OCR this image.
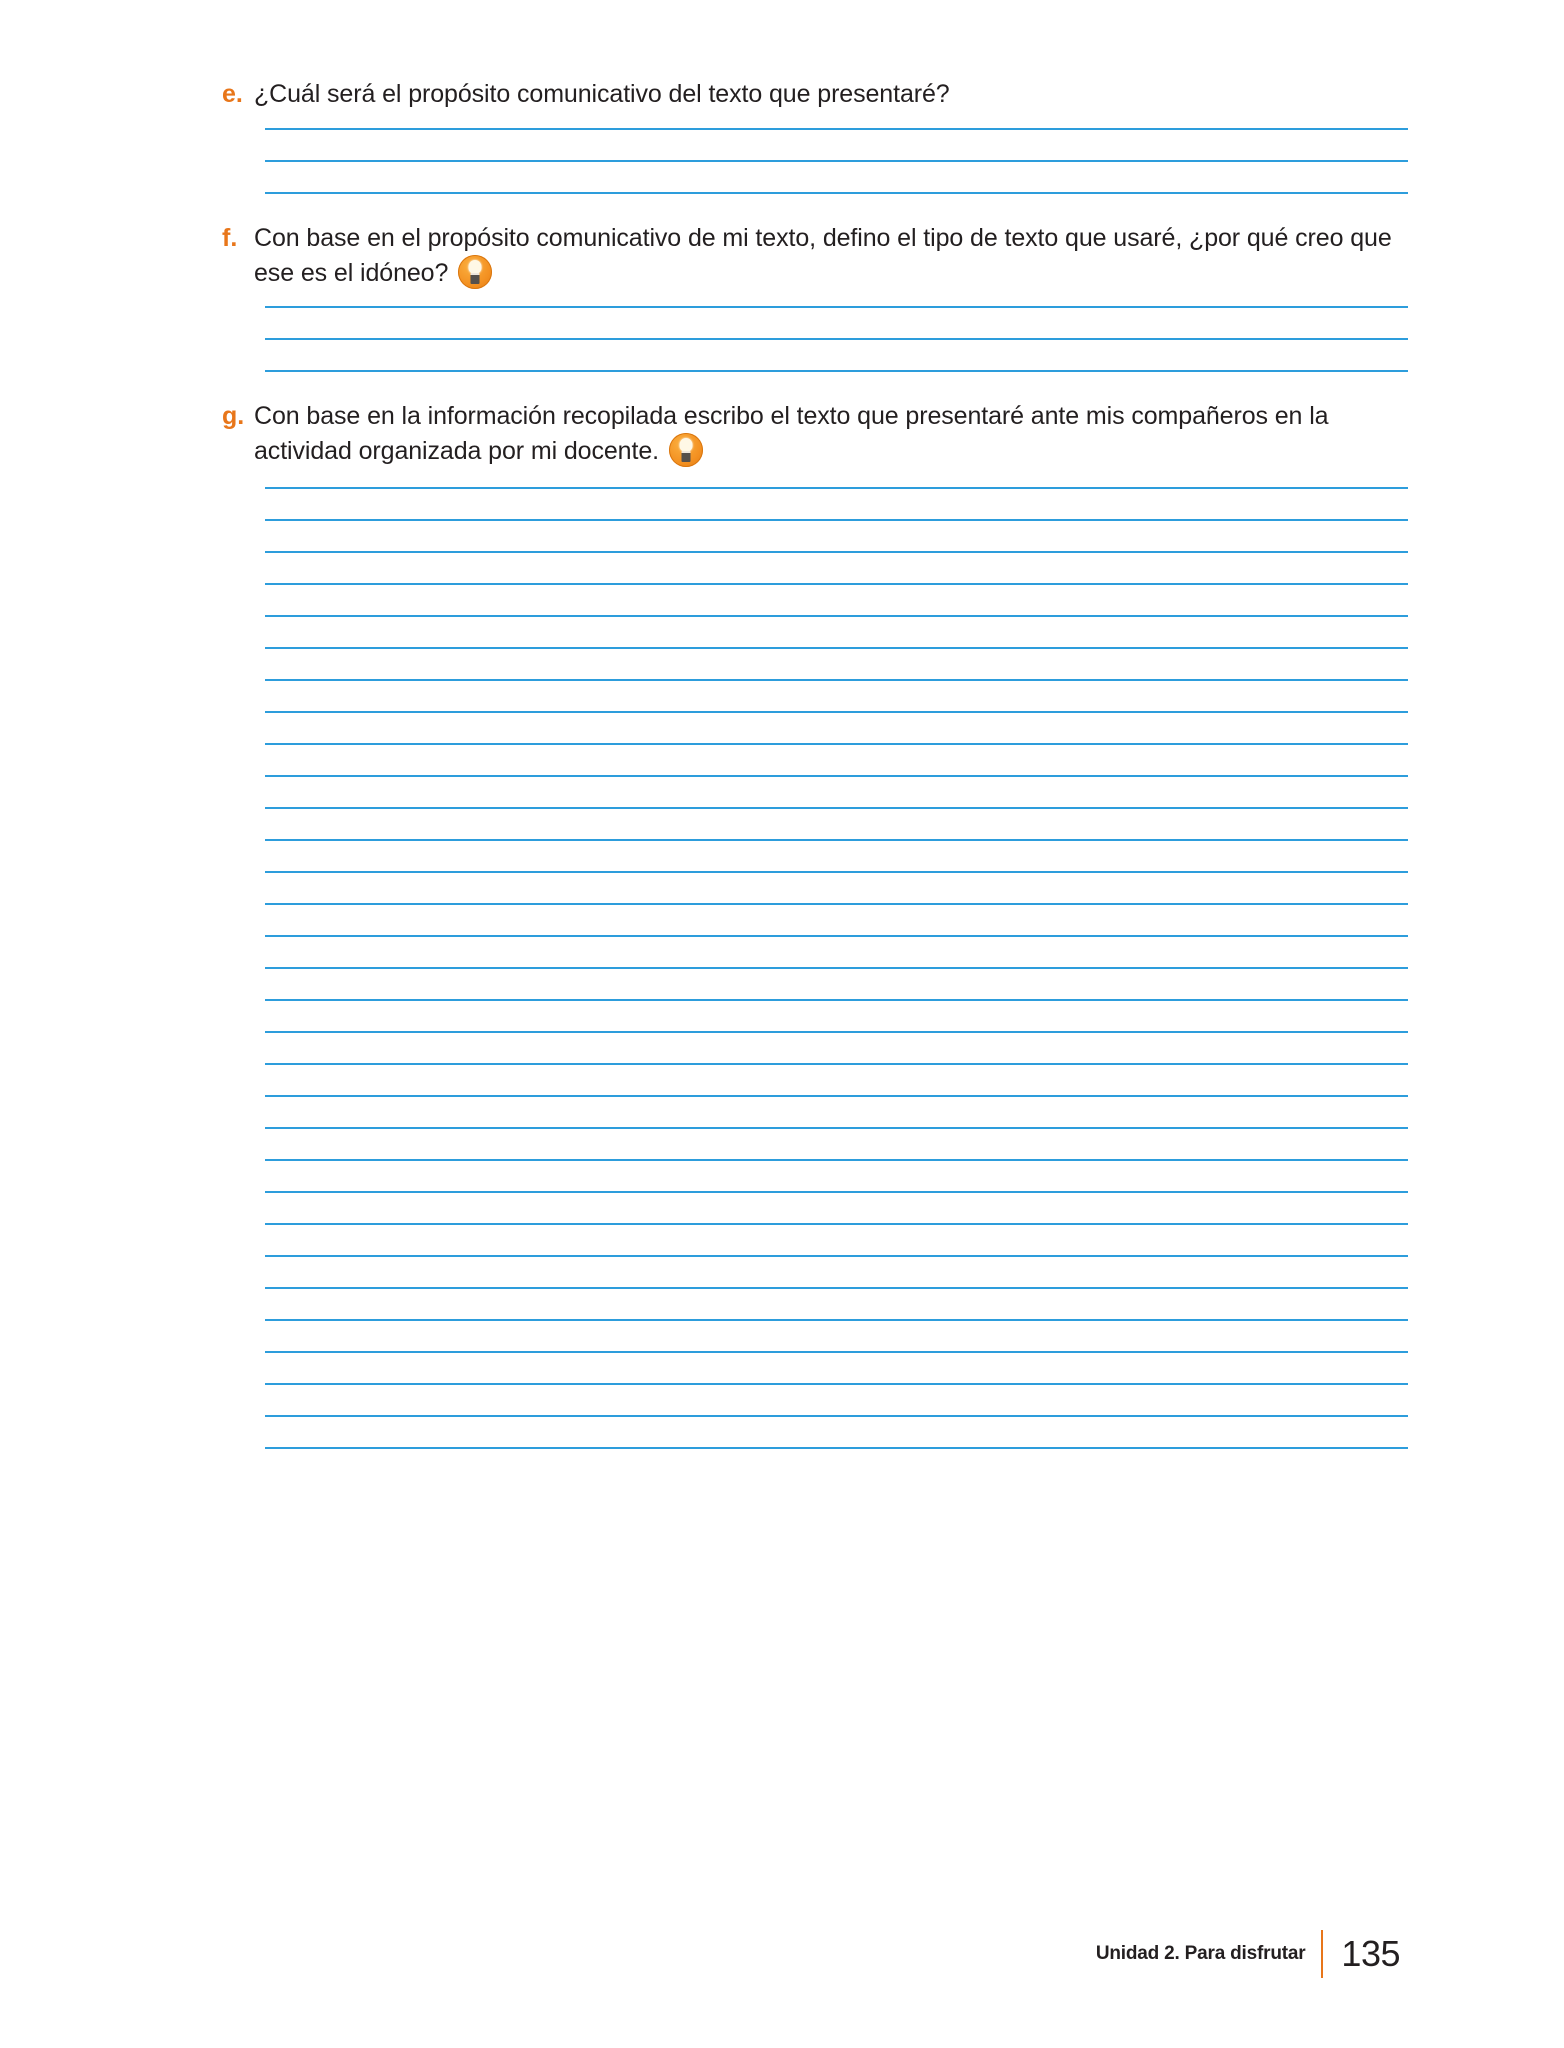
e. ¿Cuál será el propósito comunicativo del texto que presentaré?
f. Con base en el propósito comunicativo de mi texto, defino el tipo de texto que usaré, ¿por qué creo que ese es el idóneo?
g. Con base en la información recopilada escribo el texto que presentaré ante mis compañeros en la actividad organizada por mi docente.
Unidad 2. Para disfrutar 135
